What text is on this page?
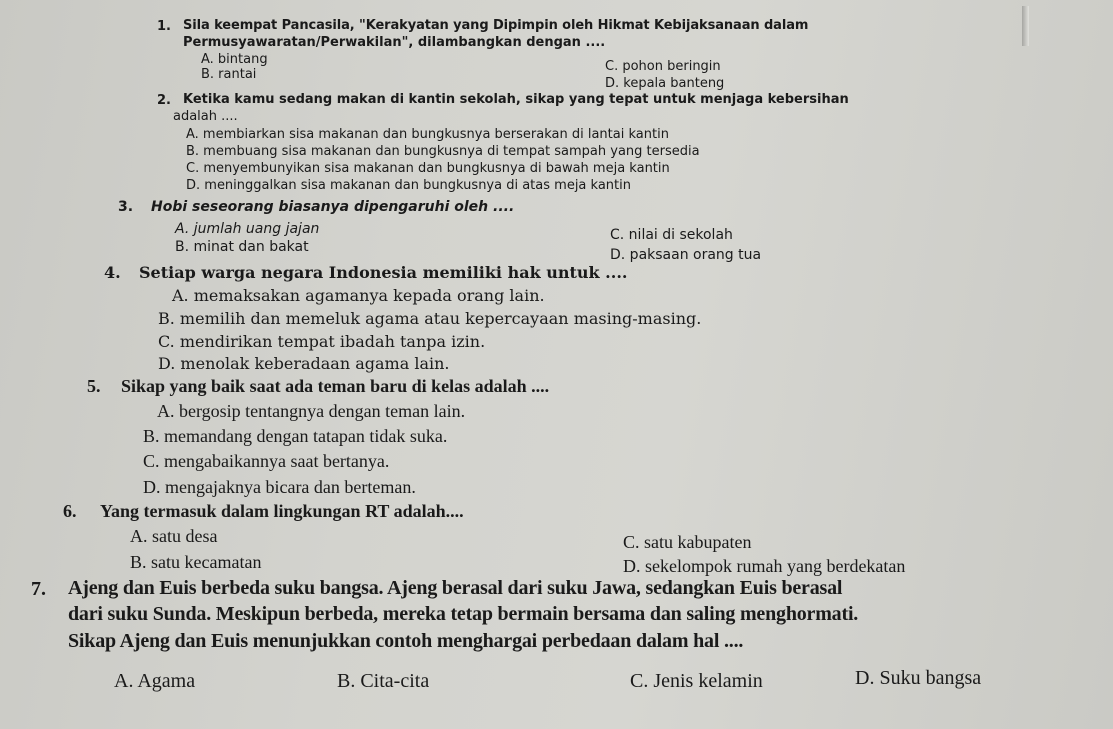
1. Sila keempat Pancasila, "Kerakyatan yang Dipimpin oleh Hikmat Kebijaksanaan dalam
Permusyawaratan/Perwakilan", dilambangkan dengan ....
A. bintang
B. rantai
C. pohon beringin
D. kepala banteng
2. Ketika kamu sedang makan di kantin sekolah, sikap yang tepat untuk menjaga kebersihan
adalah ....
A. membiarkan sisa makanan dan bungkusnya berserakan di lantai kantin
B. membuang sisa makanan dan bungkusnya di tempat sampah yang tersedia
C. menyembunyikan sisa makanan dan bungkusnya di bawah meja kantin
D. meninggalkan sisa makanan dan bungkusnya di atas meja kantin
3. Hobi seseorang biasanya dipengaruhi oleh ....
A. jumlah uang jajan
B. minat dan bakat
C. nilai di sekolah
D. paksaan orang tua
4. Setiap warga negara Indonesia memiliki hak untuk ....
A. memaksakan agamanya kepada orang lain.
B. memilih dan memeluk agama atau kepercayaan masing-masing.
C. mendirikan tempat ibadah tanpa izin.
D. menolak keberadaan agama lain.
5. Sikap yang baik saat ada teman baru di kelas adalah ....
A. bergosip tentangnya dengan teman lain.
B. memandang dengan tatapan tidak suka.
C. mengabaikannya saat bertanya.
D. mengajaknya bicara dan berteman.
6. Yang termasuk dalam lingkungan RT adalah....
A. satu desa
B. satu kecamatan
C. satu kabupaten
D. sekelompok rumah yang berdekatan
7. Ajeng dan Euis berbeda suku bangsa. Ajeng berasal dari suku Jawa, sedangkan Euis berasal
dari suku Sunda. Meskipun berbeda, mereka tetap bermain bersama dan saling menghormati.
Sikap Ajeng dan Euis menunjukkan contoh menghargai perbedaan dalam hal ....
A. Agama	B. Cita-cita	C. Jenis kelamin	D. Suku bangsa
